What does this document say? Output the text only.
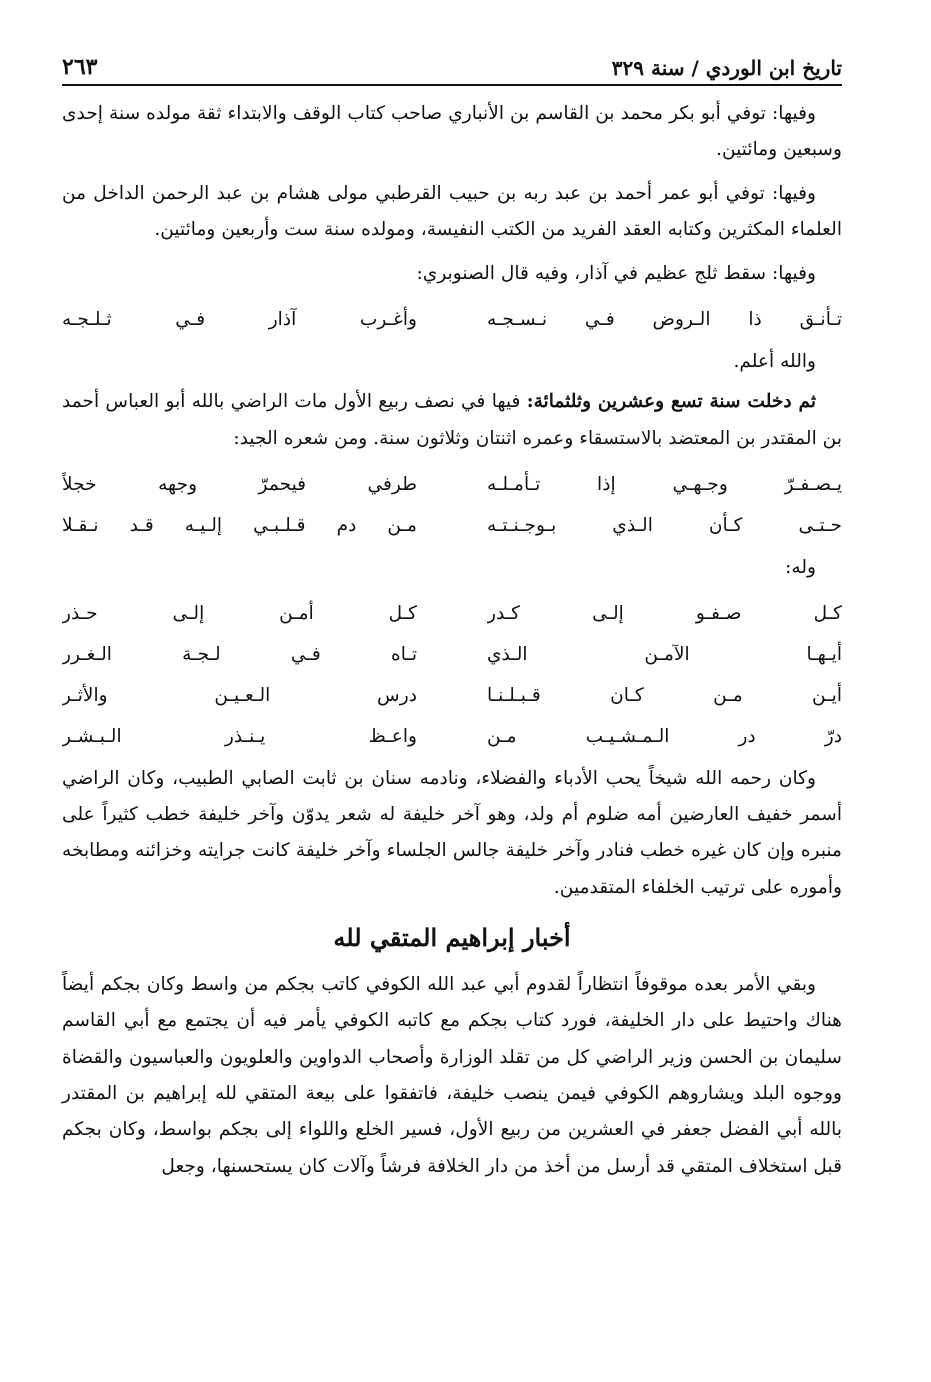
تاريخ ابن الوردي / سنة ٣٢٩
٢٦٣

وفيها: توفي أبو بكر محمد بن القاسم بن الأنباري صاحب كتاب الوقف والابتداء ثقة مولده سنة إحدى وسبعين ومائتين.

وفيها: توفي أبو عمر أحمد بن عبد ربه بن حبيب القرطبي مولى هشام بن عبد الرحمن الداخل من العلماء المكثرين وكتابه العقد الفريد من الكتب النفيسة، ومولده سنة ست وأربعين ومائتين.

وفيها: سقط ثلج عظيم في آذار، وفيه قال الصنوبري:

تـأنـق ذا الـروض فـي نـسـجـه
وأغـرب آذار فـي ثـلـجـه

والله أعلم.

ثم دخلت سنة تسع وعشرين وثلثمائة: فيها في نصف ربيع الأول مات الراضي بالله أبو العباس أحمد بن المقتدر بن المعتضد بالاستسقاء وعمره اثنتان وثلاثون سنة. ومن شعره الجيد:

يـصـفـرّ وجـهـي إذا تـأمـلـه
طرفي فيحمرّ وجهه خجلاً
حـتـى كـأن الـذي بـوجـنـتـه
مـن دم قـلـبـي إلـيـه قـد نـقـلا

وله:

كـل صـفـو إلـى كـدر
كـل أمـن إلـى حـذر
أيـهـا الآمـن الـذي
تـاه فـي لـجـة الـغـرر
أيـن مـن كـان قـبـلـنـا
درس الـعـيـن والأثـر
درّ در الـمـشـيـب مـن
واعـظ يـنـذر الـبـشـر

وكان رحمه الله شيخاً يحب الأدباء والفضلاء، ونادمه سنان بن ثابت الصابي الطبيب، وكان الراضي أسمر خفيف العارضين أمه ضلوم أم ولد، وهو آخر خليفة له شعر يدوّن وآخر خليفة خطب كثيراً على منبره وإن كان غيره خطب فنادر وآخر خليفة جالس الجلساء وآخر خليفة كانت جرايته وخزائنه ومطابخه وأموره على ترتيب الخلفاء المتقدمين.

أخبار إبراهيم المتقي لله

وبقي الأمر بعده موقوفاً انتظاراً لقدوم أبي عبد الله الكوفي كاتب بجكم من واسط وكان بجكم أيضاً هناك واحتيط على دار الخليفة، فورد كتاب بجكم مع كاتبه الكوفي يأمر فيه أن يجتمع مع أبي القاسم سليمان بن الحسن وزير الراضي كل من تقلد الوزارة وأصحاب الدواوين والعلويون والعباسيون والقضاة ووجوه البلد ويشاروهم الكوفي فيمن ينصب خليفة، فاتفقوا على بيعة المتقي لله إبراهيم بن المقتدر بالله أبي الفضل جعفر في العشرين من ربيع الأول، فسير الخلع واللواء إلى بجكم بواسط، وكان بجكم قبل استخلاف المتقي قد أرسل من أخذ من دار الخلافة فرشاً وآلات كان يستحسنها، وجعل
